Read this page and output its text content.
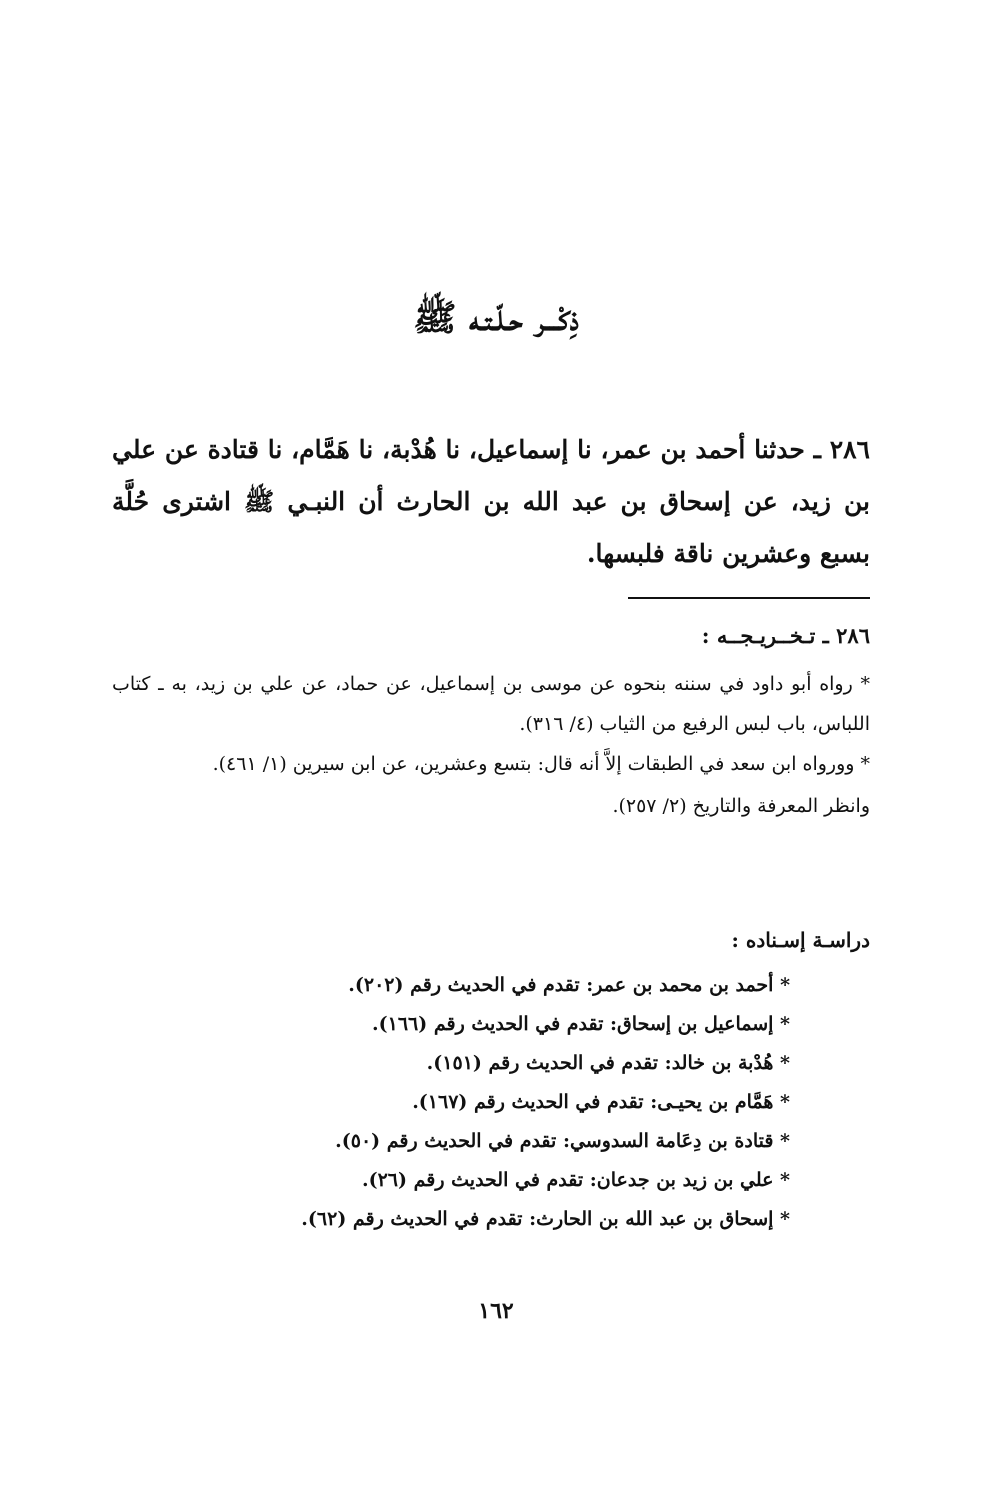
ذِكْـــر حـلّـتـه ﷺ
٢٨٦ ـ حدثنا أحمد بن عمر، نا إسماعيل، نا هُدْبة، نا هَمَّام، نا قتادة عن علي بن زيد، عن إسحاق بن عبد الله بن الحارث أن النبـي ﷺ اشترى حُلَّة بسبع وعشرين ناقة فلبسها.
٢٨٦ ـ تـخــريـجــه :

* رواه أبو داود في سننه بنحوه عن موسى بن إسماعيل، عن حماد، عن علي بن زيد، به ـ كتاب اللباس، باب لبس الرفيع من الثياب (٤/ ٣١٦).

* وورواه ابن سعد في الطبقات إلاَّ أنه قال: بتسع وعشرين، عن ابن سيرين (١/ ٤٦١).

وانظر المعرفة والتاريخ (٢/ ٢٥٧).

دراسـة إسـناده :
* أحمد بن محمد بن عمر: تقدم في الحديث رقم (٢٠٢).
* إسماعيل بن إسحاق: تقدم في الحديث رقم (١٦٦).
* هُدْبة بن خالد: تقدم في الحديث رقم (١٥١).
* هَمَّام بن يحيـى: تقدم في الحديث رقم (١٦٧).
* قتادة بن دِعَامة السدوسي: تقدم في الحديث رقم (٥٠).
* علي بن زيد بن جدعان: تقدم في الحديث رقم (٢٦).
* إسحاق بن عبد الله بن الحارث: تقدم في الحديث رقم (٦٢).
١٦٢
